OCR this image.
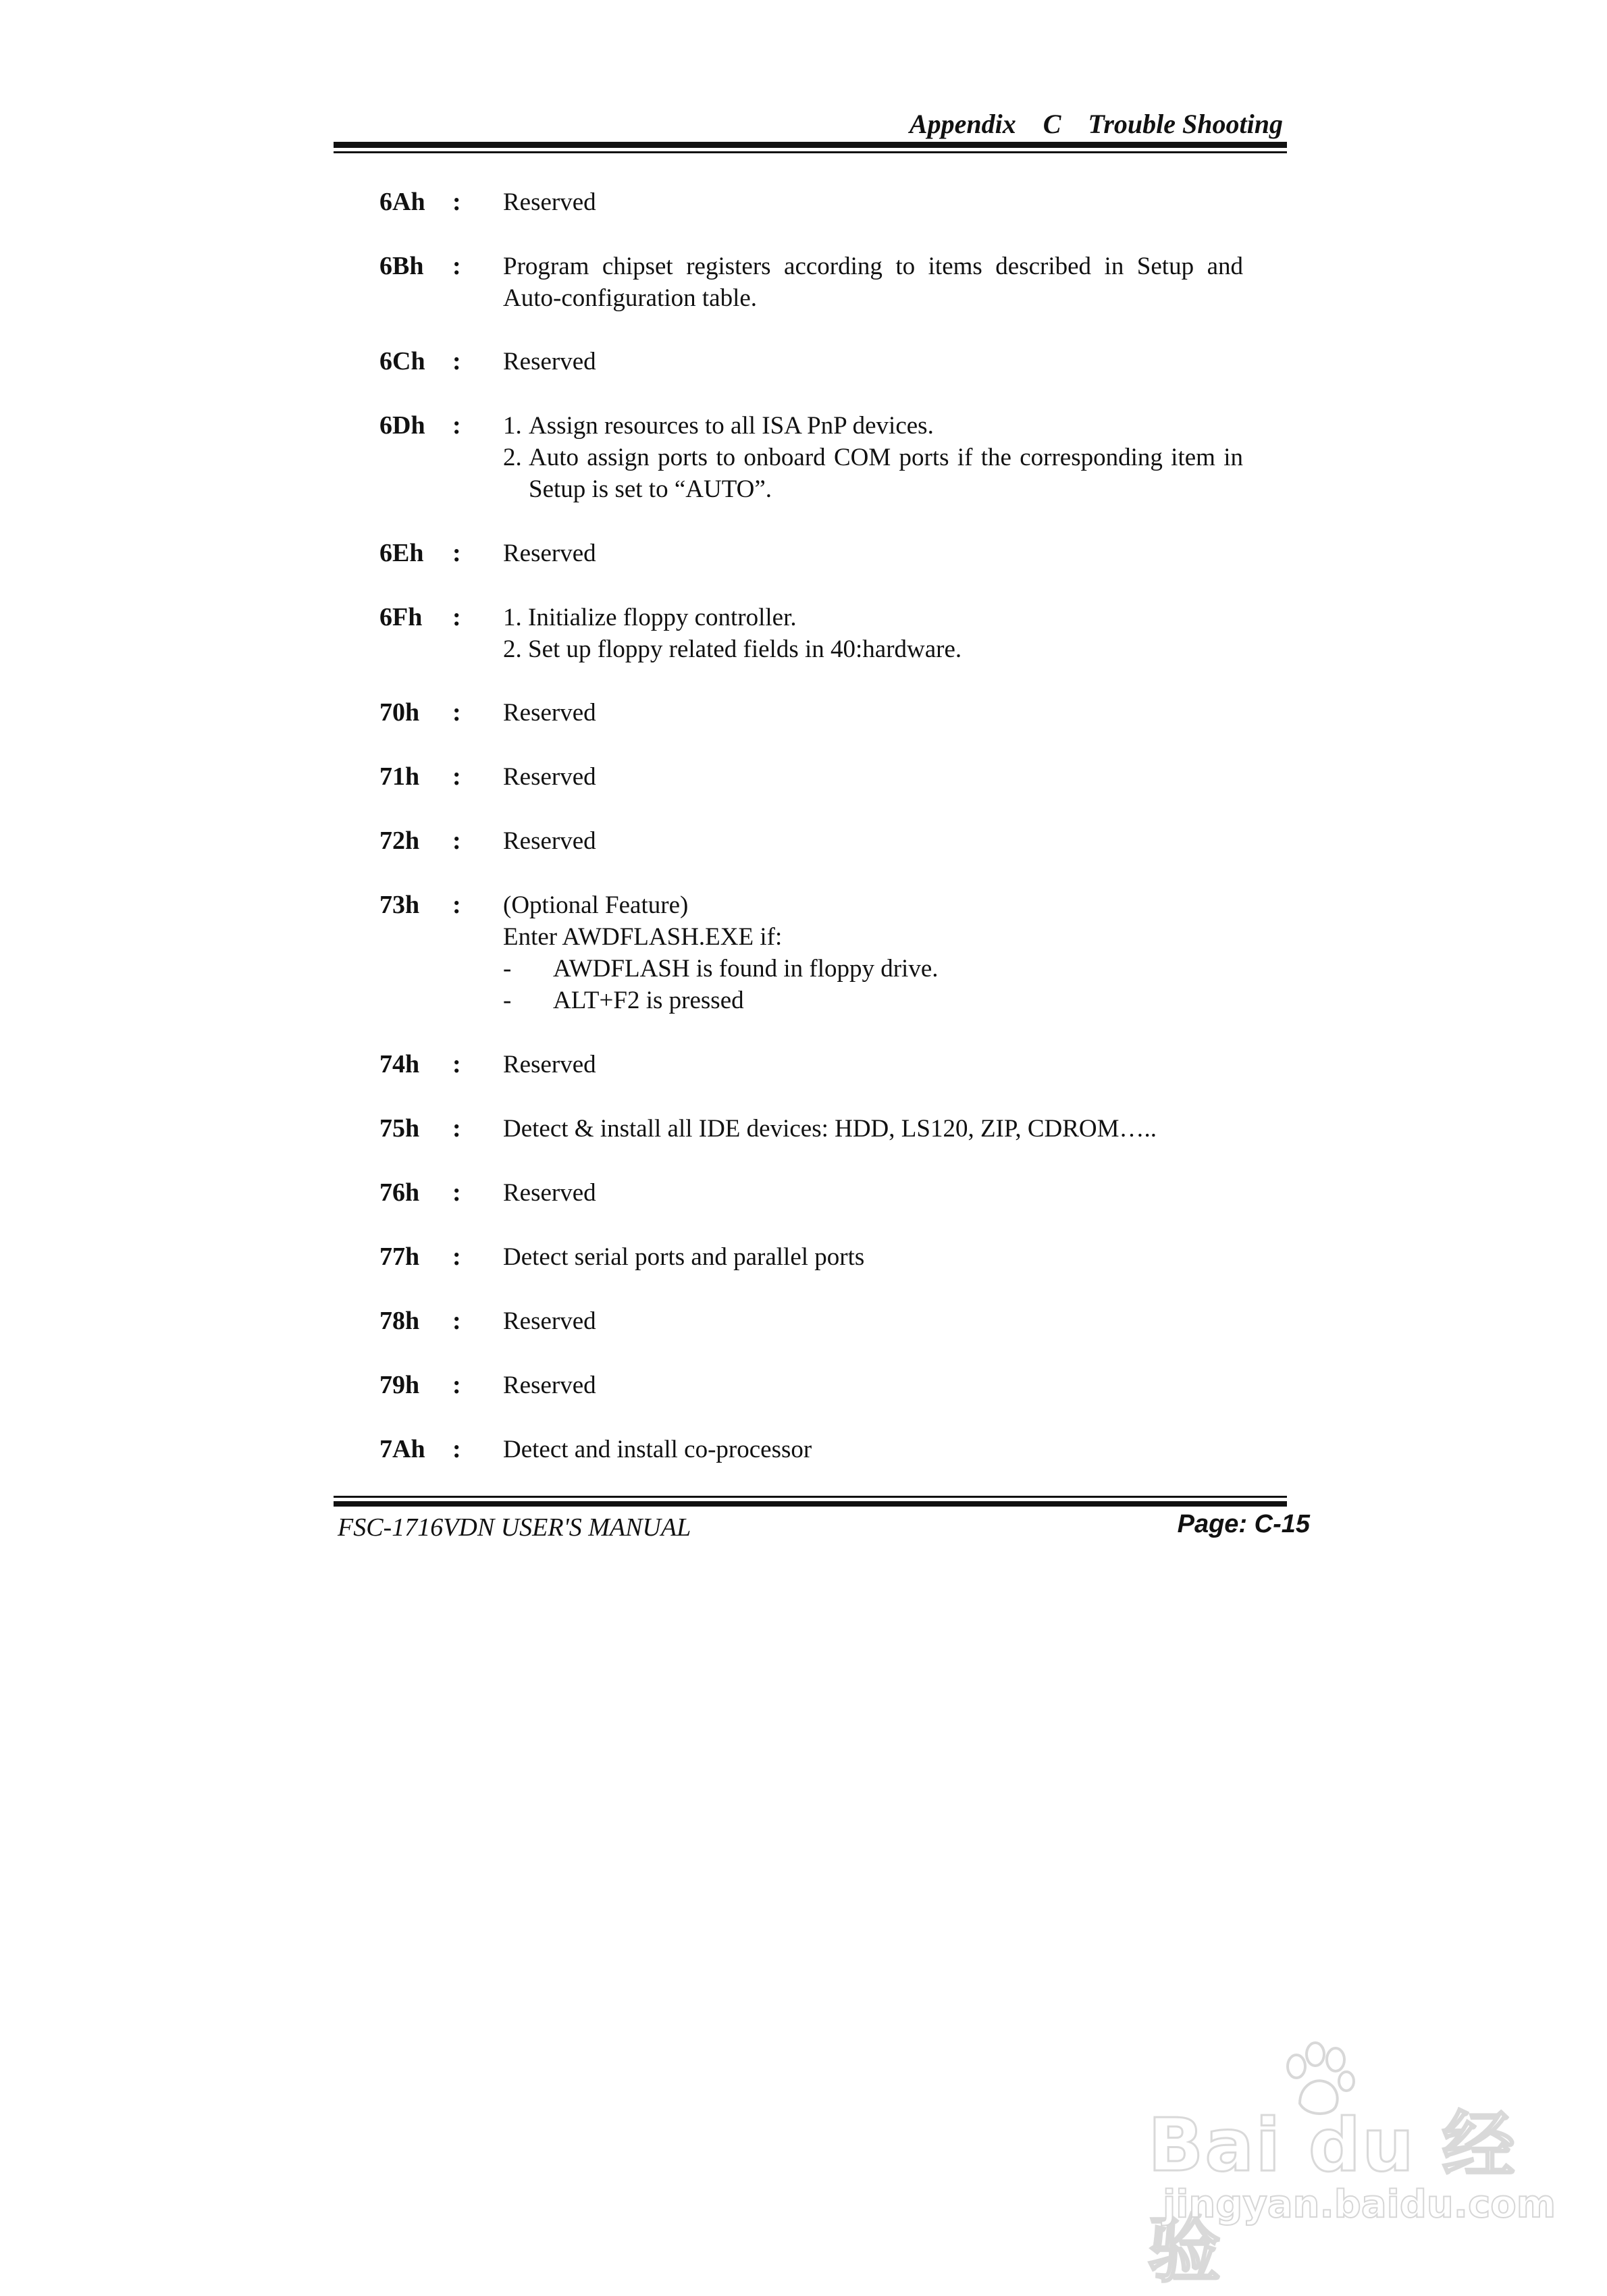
Appendix    C    Trouble Shooting
6Ah	:	Reserved
6Bh	:	Program chipset registers according to items described in Setup and Auto-configuration table.
6Ch	:	Reserved
6Dh	:	1. Assign resources to all ISA PnP devices.
2. Auto assign ports to onboard COM ports if the corresponding item in Setup is set to “AUTO”.
6Eh	:	Reserved
6Fh	:	1. Initialize floppy controller.
2. Set up floppy related fields in 40:hardware.
70h	:	Reserved
71h	:	Reserved
72h	:	Reserved
73h	:	(Optional Feature)
Enter AWDFLASH.EXE if:
-	AWDFLASH is found in floppy drive.
-	ALT+F2 is pressed
74h	:	Reserved
75h	:	Detect & install all IDE devices: HDD, LS120, ZIP, CDROM…..
76h	:	Reserved
77h	:	Detect serial ports and parallel ports
78h	:	Reserved
79h	:	Reserved
7Ah	:	Detect and install co-processor
FSC-1716VDN USER'S MANUAL	Page: C-15
Bai du 经验
jingyan.baidu.com
